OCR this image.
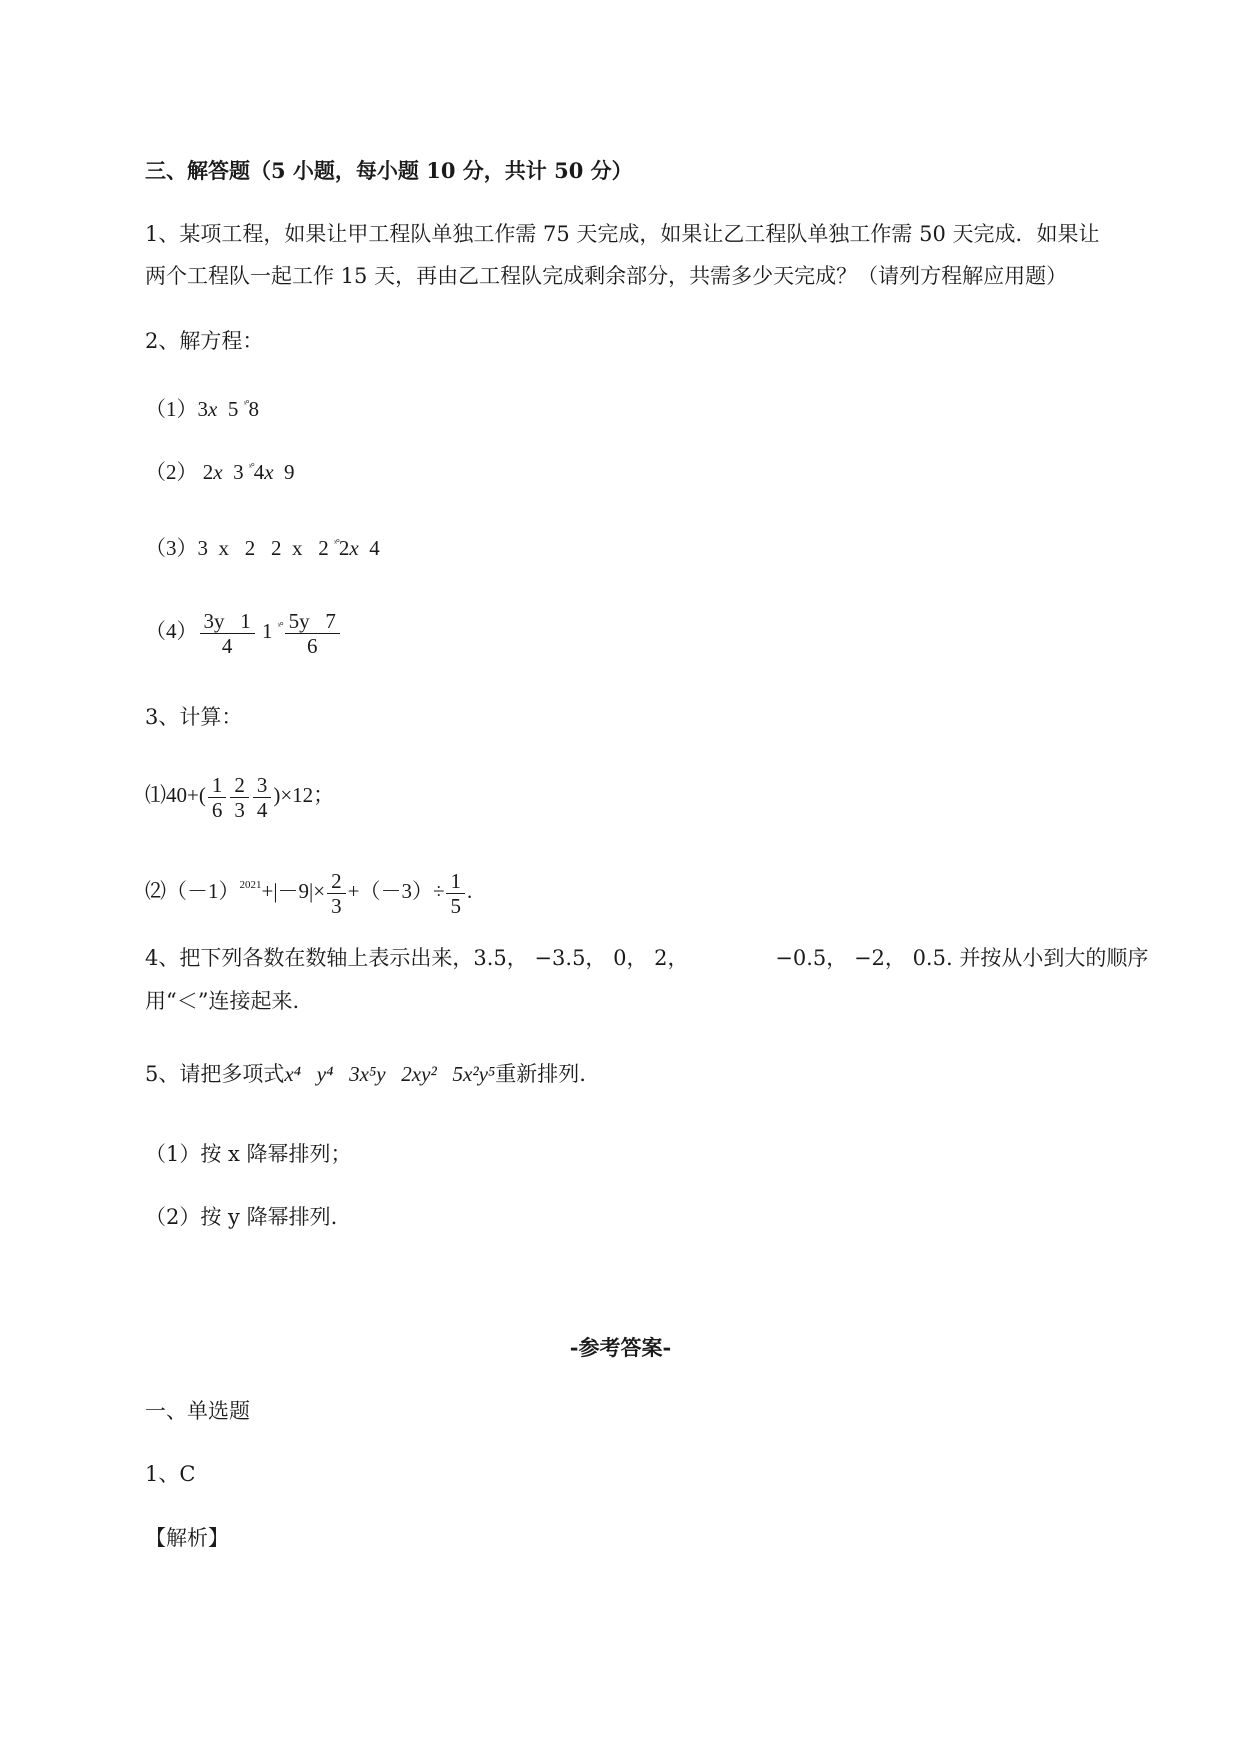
三、解答题（5 小题，每小题 10 分，共计 50 分）
1、某项工程，如果让甲工程队单独工作需 75 天完成，如果让乙工程队单独工作需 50 天完成．如果让
两个工程队一起工作 15 天，再由乙工程队完成剩余部分，共需多少天完成？（请列方程解应用题）
2、解方程：
（1）3x  5 $^{ˣ^\circ}$8
（2） 2x  3 $^{ˣ^\circ}$4x  9
（3）3  x   2   2  x   2 $^{ˣ^\circ}$2x  4
$(4) \frac{3y 1}{4} 1$ $^{ˣ^\circ} \frac{5y 7}{6}$
3、计算：
⑴40+( $\frac{1}{6} \frac{2}{3} \frac{3}{4} )\times 12$；
$⑵(-1)^{2021}+|-9|\times \frac{2}{3} +(-3)\div \frac{1}{5}$ .
4、把下列各数在数轴上表示出来，3.5， −3.5， 0， 2，             −0.5， −2， 0.5. 并按从小到大的顺序
用“＜”连接起来.
5、请把多项式x⁴   y⁴   3x⁵y   2xy²   5x²y⁵重新排列.
（1）按 x 降幂排列；
（2）按 y 降幂排列.
-参考答案-
一、单选题
1、C
【解析】
